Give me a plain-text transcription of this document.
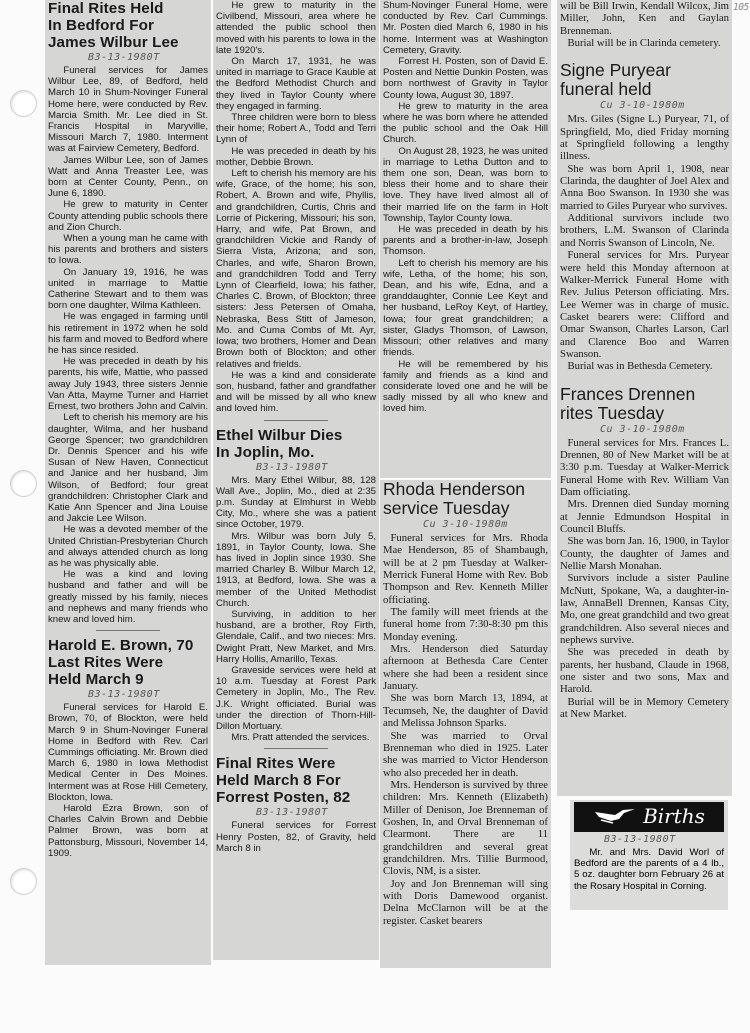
Final Rites Held
In Bedford For
James Wilbur Lee
B3-13-1980T

Funeral services for James Wilbur Lee, 89, of Bedford, held March 10 in Shum-Novinger Funeral Home here, were conducted by Rev. Marcia Smith. Mr. Lee died in St. Francis Hospital in Maryville, Missouri March 7, 1980. Interment was at Fairview Cemetery, Bedford.

James Wilbur Lee, son of James Watt and Anna Treaster Lee, was born at Center County, Penn., on June 6, 1890.

He grew to maturity in Center County attending public schools there and Zion Church.

When a young man he came with his parents and brothers and sisters to Iowa.

On January 19, 1916, he was united in marriage to Mattie Catherine Stewart and to them was born one daughter, Wilma Kathleen.

He was engaged in farming until his retirement in 1972 when he sold his farm and moved to Bedford where he has since resided.

He was preceded in death by his parents, his wife, Mattie, who passed away July 1943, three sisters Jennie Van Atta, Mayme Turner and Harriet Ernest, two brothers John and Calvin.

Left to cherish his memory are his daughter, Wilma, and her husband George Spencer; two grandchildren Dr. Dennis Spencer and his wife Susan of New Haven, Connecticut and Janice and her husband, Jim Wilson, of Bedford; four great grandchildren: Christopher Clark and Katie Ann Spencer and Jina Louise and Jakcie Lee Wilson.

He was a devoted member of the United Christian-Presbyterian Church and always attended church as long as he was physically able.

He was a kind and loving husband and father and will be greatly missed by his family, nieces and nephews and many friends who knew and loved him.

Harold E. Brown, 70
Last Rites Were
Held March 9
B3-13-1980T

Funeral services for Harold E. Brown, 70, of Blockton, were held March 9 in Shum-Novinger Funeral Home in Bedford with Rev. Carl Cummings officiating. Mr. Brown died March 6, 1980 in Iowa Methodist Medical Center in Des Moines. Interment was at Rose Hill Cemetery, Blockton, Iowa.

Harold Ezra Brown, son of Charles Calvin Brown and Debbie Palmer Brown, was born at Pattonsburg, Missouri, November 14, 1909.

He grew to maturity in the Civilbend, Missouri, area where he attended the public school then moved with his parents to Iowa in the late 1920's.

On March 17, 1931, he was united in marriage to Grace Kauble at the Bedford Methodist Church and they lived in Taylor County where they engaged in farming.

Three children were born to bless their home; Robert A., Todd and Terri Lynn of

He was preceded in death by his mother, Debbie Brown.

Left to cherish his memory are his wife, Grace, of the home; his son, Robert, A. Brown and wife, Phyllis, and grandchildren, Curtis, Chris and Lorrie of Pickering, Missouri; his son, Harry, and wife, Pat Brown, and grandchildren Vickie and Randy of Sierra Vista, Arizona; and son, Charles, and wife, Sharon Brown, and grandchildren Todd and Terry Lynn of Clearfield, Iowa; his father, Charles C. Brown, of Blockton; three sisters: Jess Petersen of Omaha, Nebraska, Bess Stitt of Jameson, Mo. and Cuma Combs of Mt. Ayr, Iowa; two brothers, Homer and Dean Brown both of Blockton; and other relatives and frields.

He was a kind and considerate son, husband, father and grandfather and will be missed by all who knew and loved him.

Ethel Wilbur Dies
In Joplin, Mo.
B3-13-1980T

Mrs. Mary Ethel Wilbur, 88, 128 Wall Ave., Joplin, Mo., died at 2:35 p.m. Sunday at Elmhurst in Webb City, Mo., where she was a patient since October, 1979.

Mrs. Wilbur was born July 5, 1891, in Taylor County, Iowa. She has lived in Joplin since 1930. She married Charley B. Wilbur March 12, 1913, at Bedford, Iowa. She was a member of the United Methodist Church.

Surviving, in addition to her husband, are a brother, Roy Firth, Glendale, Calif., and two nieces: Mrs. Dwight Pratt, New Market, and Mrs. Harry Hollis, Amarillo, Texas.

Graveside services were held at 10 a.m. Tuesday at Forest Park Cemetery in Joplin, Mo., The Rev. J.K. Wright officiated. Burial was under the direction of Thorn-Hill-Dillon Mortuary.

Mrs. Pratt attended the services.

Final Rites Were
Held March 8 For
Forrest Posten, 82
B3-13-1980T

Funeral services for Forrest Henry Posten, 82, of Gravity, held March 8 in

Shum-Novinger Funeral Home, were conducted by Rev. Carl Cummings. Mr. Posten died March 6, 1980 in his home. Interment was at Washington Cemetery, Gravity.

Forrest H. Posten, son of David E. Posten and Nettie Dunkin Posten, was born northwest of Gravity in Taylor County Iowa, August 30, 1897.

He grew to maturity in the area where he was born where he attended the public school and the Oak Hill Church.

On August 28, 1923, he was united in marriage to Letha Dutton and to them one son, Dean, was born to bless their home and to share their love. They have lived almost all of their married life on the farm in Holt Township, Taylor County Iowa.

He was preceded in death by his parents and a brother-in-law, Joseph Thomson.

Left to cherish his memory are his wife, Letha, of the home; his son, Dean, and his wife, Edna, and a granddaughter, Connie Lee Keyt and her husband, LeRoy Keyt, of Hartley, Iowa; four great grandchildren; a sister, Gladys Thomson, of Lawson, Missouri; other relatives and many friends.

He will be remembered by his family and friends as a kind and considerate loved one and he will be sadly missed by all who knew and loved him.

Rhoda Henderson
service Tuesday
Cu 3-10-1980m

Funeral services for Mrs. Rhoda Mae Henderson, 85 of Shambaugh, will be at 2 pm Tuesday at Walker-Merrick Funeral Home with Rev. Bob Thompson and Rev. Kenneth Miller officiating.

The family will meet friends at the funeral home from 7:30-8:30 pm this Monday evening.

Mrs. Henderson died Saturday afternoon at Bethesda Care Center where she had been a resident since January.

She was born March 13, 1894, at Tecumseh, Ne, the daughter of David and Melissa Johnson Sparks.

She was married to Orval Brenneman who died in 1925. Later she was married to Victor Henderson who also preceded her in death.

Mrs. Henderson is survived by three children: Mrs. Kenneth (Elizabeth) Miller of Denison, Joe Brenneman of Goshen, In, and Orval Brenneman of Clearmont. There are 11 grandchildren and several great grandchildren. Mrs. Tillie Burmood, Clovis, NM, is a sister.

Joy and Jon Brenneman will sing with Doris Damewood organist. Delna McClarnon will be at the register. Casket bearers

will be Bill Irwin, Kendall Wilcox, Jim Miller, John, Ken and Gaylan Brenneman.

Burial will be in Clarinda cemetery.

Signe Puryear
funeral held
Cu 3-10-1980m

Mrs. Giles (Signe L.) Puryear, 71, of Springfield, Mo, died Friday morning at Springfield following a lengthy illness.

She was born April 1, 1908, near Clarinda, the daughter of Joel Alex and Anna Boo Swanson. In 1930 she was married to Giles Puryear who survives.

Additional survivors include two brothers, L.M. Swanson of Clarinda and Norris Swanson of Lincoln, Ne.

Funeral services for Mrs. Puryear were held this Monday afternoon at Walker-Merrick Funeral Home with Rev. Julius Peterson officiating. Mrs. Lee Werner was in charge of music. Casket bearers were: Clifford and Omar Swanson, Charles Larson, Carl and Clarence Boo and Warren Swanson.

Burial was in Bethesda Cemetery.

Frances Drennen
rites Tuesday
Cu 3-10-1980m

Funeral services for Mrs. Frances L. Drennen, 80 of New Market will be at 3:30 p.m. Tuesday at Walker-Merrick Funeral Home with Rev. William Van Dam officiating.

Mrs. Drennen died Sunday morning at Jennie Edmundson Hospital in Council Bluffs.

She was born Jan. 16, 1900, in Taylor County, the daughter of James and Nellie Marsh Monahan.

Survivors include a sister Pauline McNutt, Spokane, Wa, a daughter-in-law, AnnaBell Drennen, Kansas City, Mo, one great grandchild and two great grandchildren. Also several nieces and nephews survive.

She was preceded in death by parents, her husband, Claude in 1968, one sister and two sons, Max and Harold.

Burial will be in Memory Cemetery at New Market.

Births
B3-13-1980T

Mr. and Mrs. David Worl of Bedford are the parents of a 4 lb., 5 oz. daughter born February 26 at the Rosary Hospital in Corning.

105
